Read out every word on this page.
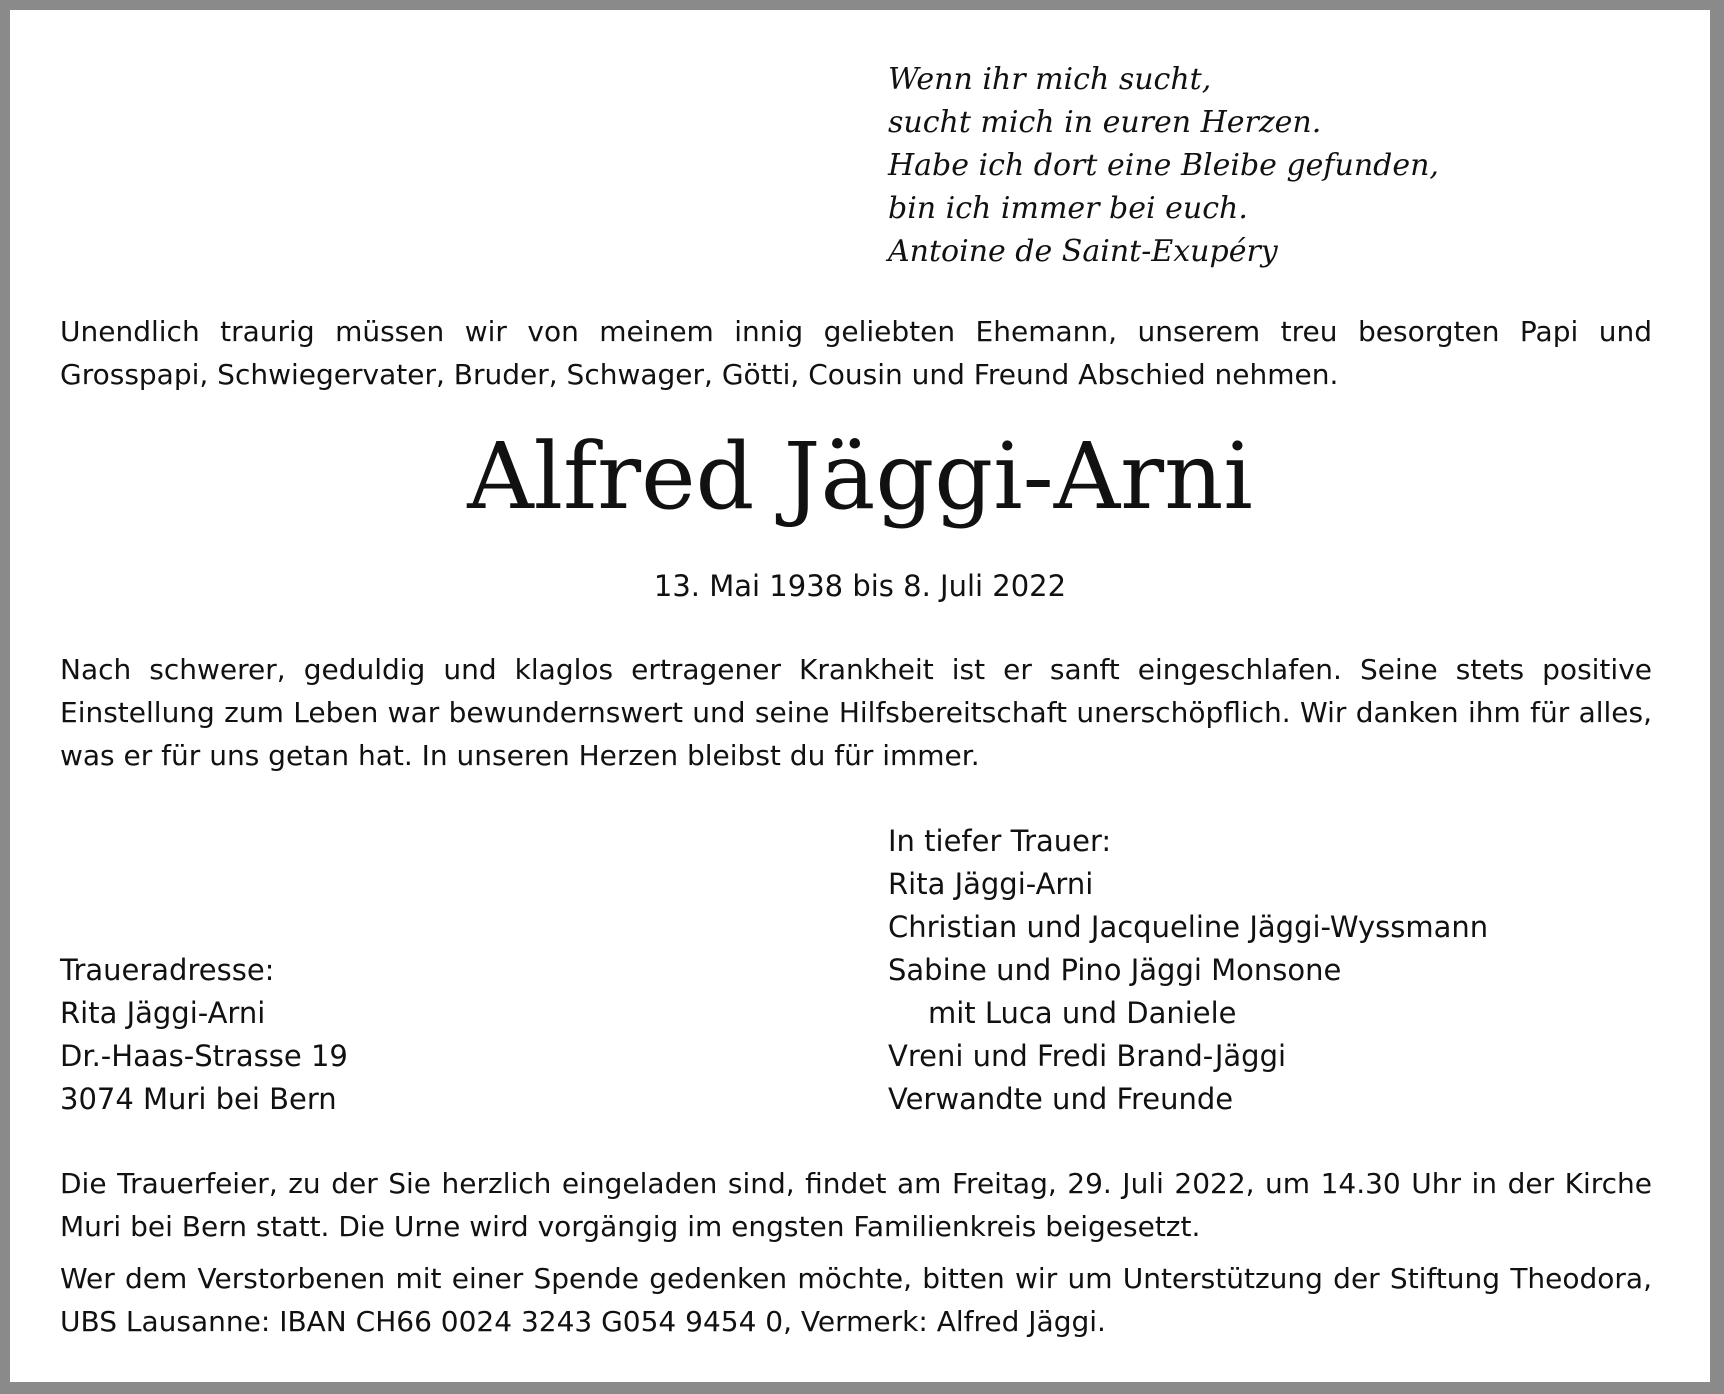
Wenn ihr mich sucht,
sucht mich in euren Herzen.
Habe ich dort eine Bleibe gefunden,
bin ich immer bei euch.
Antoine de Saint-Exupéry
Unendlich traurig müssen wir von meinem innig geliebten Ehemann, unserem treu besorgten Papi und Grosspapi, Schwiegervater, Bruder, Schwager, Götti, Cousin und Freund Abschied nehmen.
Alfred Jäggi-Arni
13. Mai 1938 bis 8. Juli 2022
Nach schwerer, geduldig und klaglos ertragener Krankheit ist er sanft eingeschlafen. Seine stets positive Einstellung zum Leben war bewundernswert und seine Hilfsbereitschaft unerschöpflich. Wir danken ihm für alles, was er für uns getan hat. In unseren Herzen bleibst du für immer.
In tiefer Trauer:
Rita Jäggi-Arni
Christian und Jacqueline Jäggi-Wyssmann
Sabine und Pino Jäggi Monsone
mit Luca und Daniele
Vreni und Fredi Brand-Jäggi
Verwandte und Freunde
Traueradresse:
Rita Jäggi-Arni
Dr.-Haas-Strasse 19
3074 Muri bei Bern
Die Trauerfeier, zu der Sie herzlich eingeladen sind, findet am Freitag, 29. Juli 2022, um 14.30 Uhr in der Kirche Muri bei Bern statt. Die Urne wird vorgängig im engsten Familienkreis beigesetzt.
Wer dem Verstorbenen mit einer Spende gedenken möchte, bitten wir um Unterstützung der Stiftung Theodora, UBS Lausanne: IBAN CH66 0024 3243 G054 9454 0, Vermerk: Alfred Jäggi.
